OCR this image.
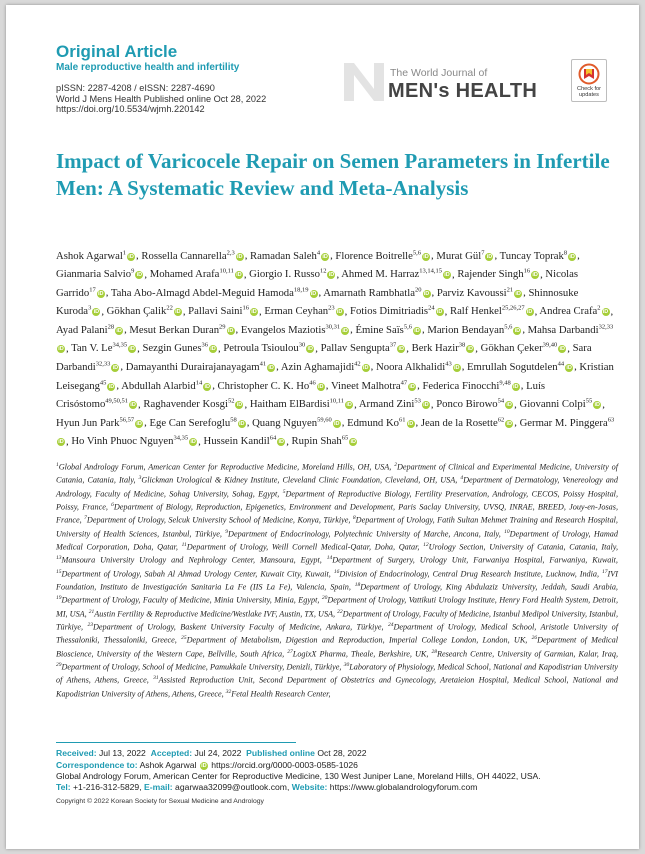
Original Article
Male reproductive health and infertility
pISSN: 2287-4208 / eISSN: 2287-4690
World J Mens Health Published online Oct 28, 2022
https://doi.org/10.5534/wjmh.220142
The World Journal of
MEN's HEALTH	Check for updates
Impact of Varicocele Repair on Semen Parameters in Infertile Men: A Systematic Review and Meta-Analysis
Ashok Agarwal$^1$iD , Rossella Cannarella$^{2,3}$iD , Ramadan Saleh$^4$iD , Florence Boitrelle$^{5,6}$iD , Murat Gül$^7$iD , Tuncay Toprak$^8$iD , Gianmaria Salvio$^9$iD , Mohamed Arafa$^{10,11}$iD , Giorgio I. Russo$^{12}$iD , Ahmed M. Harraz$^{13,14,15}$iD , Rajender Singh$^{16}$iD , Nicolas Garrido$^{17}$iD , Taha Abo-Almagd Abdel-Meguid Hamoda$^{18,19}$iD , Amarnath Rambhatla$^{20}$iD , Parviz Kavoussi$^{21}$iD , Shinnosuke Kuroda$^3$iD , Gökhan Çalik$^{22}$iD , Pallavi Saini$^{16}$iD , Erman Ceyhan$^{23}$iD , Fotios Dimitriadis$^{24}$iD , Ralf Henkel$^{25,26,27}$iD , Andrea Crafa$^2$iD , Ayad Palani$^{28}$iD , Mesut Berkan Duran$^{29}$iD , Evangelos Maziotis$^{30,31}$iD , Émine Saïs$^{5,6}$iD , Marion Bendayan$^{5,6}$iD , Mahsa Darbandi$^{32,33}$iD , Tan V. Le$^{34,35}$iD , Sezgin Gunes$^{36}$iD , Petroula Tsioulou$^{30}$iD , Pallav Sengupta$^{37}$iD , Berk Hazir$^{38}$iD , Gökhan Çeker$^{39,40}$iD , Sara Darbandi$^{32,33}$iD , Damayanthi Durairajanayagam$^{41}$iD , Azin Aghamajidi$^{42}$iD , Noora Alkhalidi$^{43}$iD , Emrullah Sogutdelen$^{44}$iD , Kristian Leisegang$^{45}$iD , Abdullah Alarbid$^{14}$iD , Christopher C. K. Ho$^{46}$iD , Vineet Malhotra$^{47}$iD , Federica Finocchi$^{9,48}$iD , Luís Crisóstomo$^{49,50,51}$iD , Raghavender Kosgi$^{52}$iD , Haitham ElBardisi$^{10,11}$iD , Armand Zini$^{53}$iD , Ponco Birowo$^{54}$iD , Giovanni Colpi$^{55}$iD , Hyun Jun Park$^{56,57}$iD , Ege Can Serefoglu$^{58}$iD , Quang Nguyen$^{59,60}$iD , Edmund Ko$^{61}$iD , Jean de la Rosette$^{62}$iD , Germar M. Pinggera$^{63}$iD , Ho Vinh Phuoc Nguyen$^{34,35}$iD , Hussein Kandil$^{64}$iD , Rupin Shah$^{65}$iD
$^1$Global Andrology Forum, American Center for Reproductive Medicine, Moreland Hills, OH, USA, $^2$Department of Clinical and Experimental Medicine, University of Catania, Catania, Italy, $^3$Glickman Urological & Kidney Institute, Cleveland Clinic Foundation, Cleveland, OH, USA, $^4$Department of Dermatology, Venereology and Andrology, Faculty of Medicine, Sohag University, Sohag, Egypt, $^5$Department of Reproductive Biology, Fertility Preservation, Andrology, CECOS, Poissy Hospital, Poissy, France, $^6$Department of Biology, Reproduction, Epigenetics, Environment and Development, Paris Saclay University, UVSQ, INRAE, BREED, Jouy-en-Josas, France, $^7$Department of Urology, Selcuk University School of Medicine, Konya, Türkiye, $^8$Department of Urology, Fatih Sultan Mehmet Training and Research Hospital, University of Health Sciences, Istanbul, Türkiye, $^9$Department of Endocrinology, Polytechnic University of Marche, Ancona, Italy, $^{10}$Department of Urology, Hamad Medical Corporation, Doha, Qatar, $^{11}$Department of Urology, Weill Cornell Medical-Qatar, Doha, Qatar, $^{12}$Urology Section, University of Catania, Catania, Italy, $^{13}$Mansoura University Urology and Nephrology Center, Mansoura, Egypt, $^{14}$Department of Surgery, Urology Unit, Farwaniya Hospital, Farwaniya, Kuwait, $^{15}$Department of Urology, Sabah Al Ahmad Urology Center, Kuwait City, Kuwait, $^{16}$Division of Endocrinology, Central Drug Research Institute, Lucknow, India, $^{17}$IVI Foundation, Instituto de Investigación Sanitaria La Fe (IIS La Fe), Valencia, Spain, $^{18}$Department of Urology, King Abdulaziz University, Jeddah, Saudi Arabia, $^{19}$Department of Urology, Faculty of Medicine, Minia University, Minia, Egypt, $^{20}$Department of Urology, Vattikuti Urology Institute, Henry Ford Health System, Detroit, MI, USA, $^{21}$Austin Fertility & Reproductive Medicine/Westlake IVF, Austin, TX, USA, $^{22}$Department of Urology, Faculty of Medicine, Istanbul Medipol University, Istanbul, Türkiye, $^{23}$Department of Urology, Baskent University Faculty of Medicine, Ankara, Türkiye, $^{24}$Department of Urology, Medical School, Aristotle University of Thessaloniki, Thessaloniki, Greece, $^{25}$Department of Metabolism, Digestion and Reproduction, Imperial College London, London, UK, $^{26}$Department of Medical Bioscience, University of the Western Cape, Bellville, South Africa, $^{27}$LogixX Pharma, Theale, Berkshire, UK, $^{28}$Research Centre, University of Garmian, Kalar, Iraq, $^{29}$Department of Urology, School of Medicine, Pamukkale University, Denizli, Türkiye, $^{30}$Laboratory of Physiology, Medical School, National and Kapodistrian University of Athens, Athens, Greece, $^{31}$Assisted Reproduction Unit, Second Department of Obstetrics and Gynecology, Aretaieion Hospital, Medical School, National and Kapodistrian University of Athens, Athens, Greece, $^{32}$Fetal Health Research Center,
Received: Jul 13, 2022 Accepted: Jul 24, 2022 Published online Oct 28, 2022
Correspondence to: Ashok Agarwal iD https://orcid.org/0000-0003-0585-1026
Global Andrology Forum, American Center for Reproductive Medicine, 130 West Juniper Lane, Moreland Hills, OH 44022, USA.
Tel: +1-216-312-5829, E-mail: agarwaa32099@outlook.com, Website: https://www.globalandrologyforum.com
Copyright © 2022 Korean Society for Sexual Medicine and Andrology
